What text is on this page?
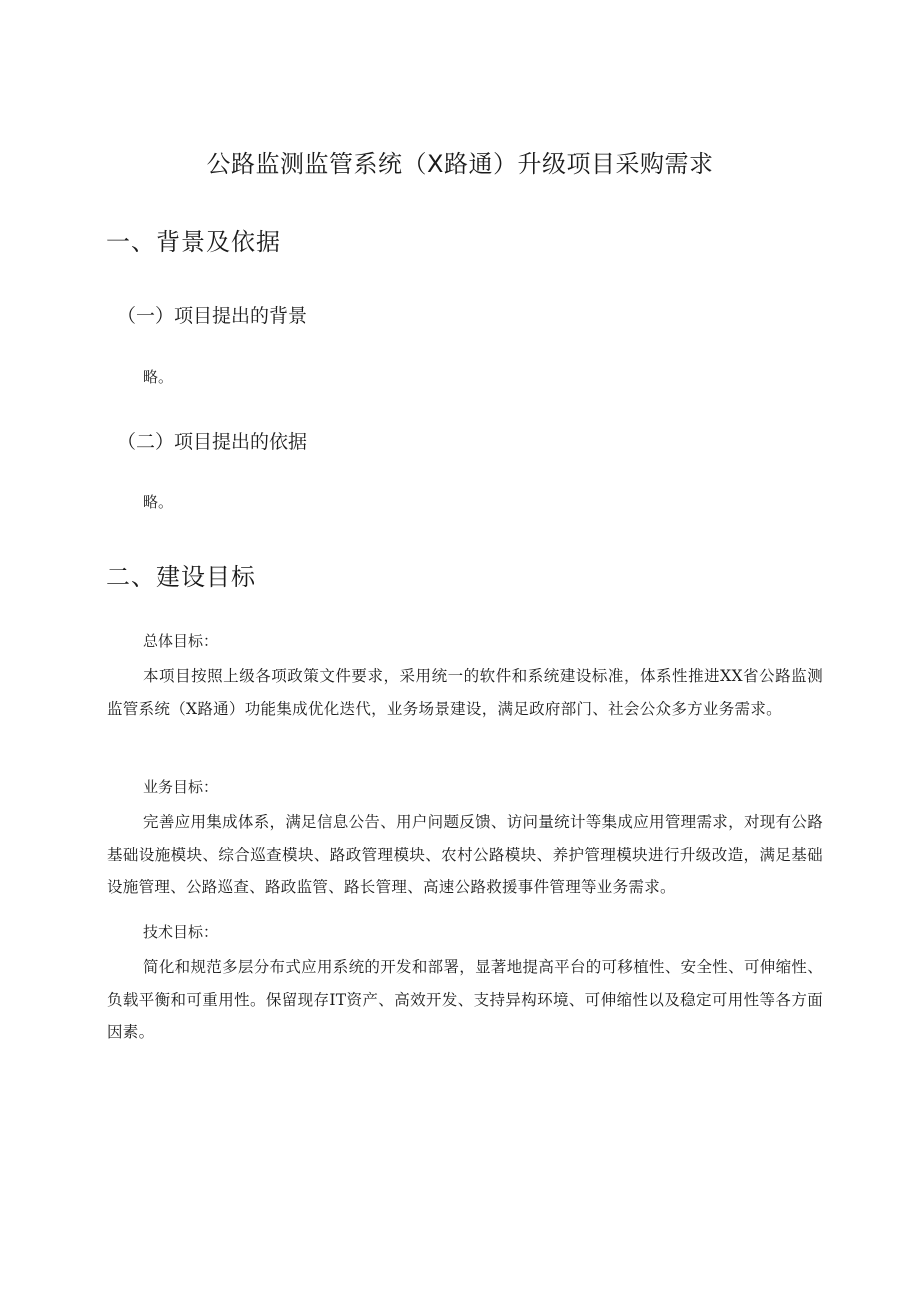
公路监测监管系统（X路通）升级项目采购需求
一、背景及依据
（一）项目提出的背景

略。

（二）项目提出的依据

略。

二、建设目标

总体目标：

本项目按照上级各项政策文件要求，采用统一的软件和系统建设标准，体系性推进XX省公路监测监管系统（X路通）功能集成优化迭代，业务场景建设，满足政府部门、社会公众多方业务需求。

业务目标：

完善应用集成体系，满足信息公告、用户问题反馈、访问量统计等集成应用管理需求，对现有公路基础设施模块、综合巡查模块、路政管理模块、农村公路模块、养护管理模块进行升级改造，满足基础设施管理、公路巡查、路政监管、路长管理、高速公路救援事件管理等业务需求。

技术目标：

简化和规范多层分布式应用系统的开发和部署，显著地提高平台的可移植性、安全性、可伸缩性、负载平衡和可重用性。保留现存IT资产、高效开发、支持异构环境、可伸缩性以及稳定可用性等各方面因素。
